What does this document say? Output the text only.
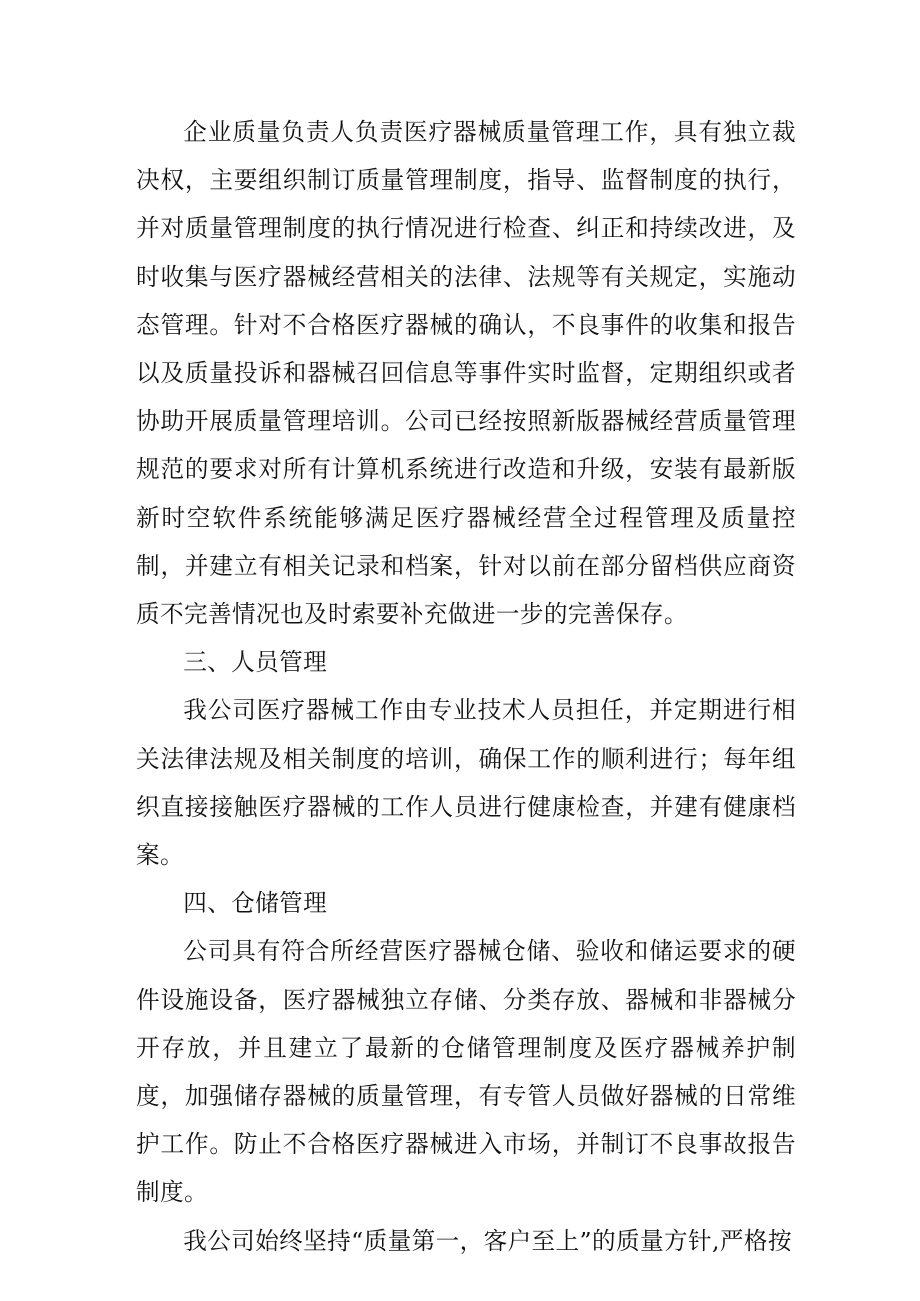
企业质量负责人负责医疗器械质量管理工作，具有独立裁决权，主要组织制订质量管理制度，指导、监督制度的执行，并对质量管理制度的执行情况进行检查、纠正和持续改进，及时收集与医疗器械经营相关的法律、法规等有关规定，实施动态管理。针对不合格医疗器械的确认，不良事件的收集和报告以及质量投诉和器械召回信息等事件实时监督，定期组织或者协助开展质量管理培训。公司已经按照新版器械经营质量管理规范的要求对所有计算机系统进行改造和升级，安装有最新版新时空软件系统能够满足医疗器械经营全过程管理及质量控制，并建立有相关记录和档案，针对以前在部分留档供应商资质不完善情况也及时索要补充做进一步的完善保存。

三、人员管理

我公司医疗器械工作由专业技术人员担任，并定期进行相关法律法规及相关制度的培训，确保工作的顺利进行；每年组织直接接触医疗器械的工作人员进行健康检查，并建有健康档案。

四、仓储管理

公司具有符合所经营医疗器械仓储、验收和储运要求的硬件设施设备，医疗器械独立存储、分类存放、器械和非器械分开存放，并且建立了最新的仓储管理制度及医疗器械养护制度，加强储存器械的质量管理，有专管人员做好器械的日常维护工作。防止不合格医疗器械进入市场，并制订不良事故报告制度。

我公司始终坚持“质量第一，客户至上”的质量方针,严格按
